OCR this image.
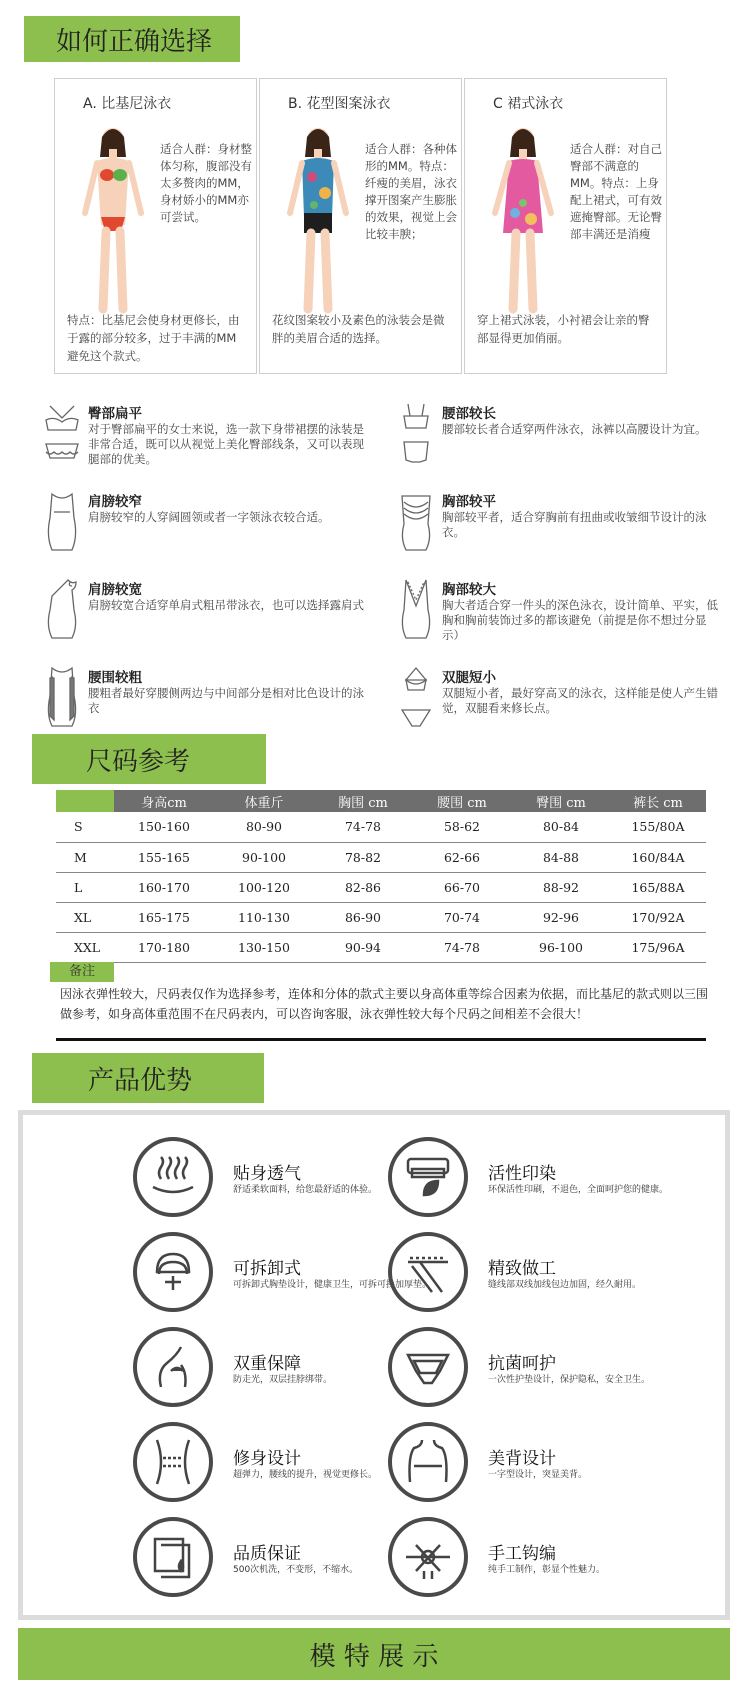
如何正确选择
A. 比基尼泳衣
适合人群：身材整体匀称，腹部没有太多赘肉的MM，身材娇小的MM亦可尝试。
特点：比基尼会使身材更修长，由于露的部分较多，过于丰满的MM避免这个款式。
B. 花型图案泳衣
适合人群：各种体形的MM。特点：纤瘦的美眉，泳衣撑开图案产生膨胀的效果，视觉上会比较丰腴；
花纹图案较小及素色的泳装会是微胖的美眉合适的选择。
C 裙式泳衣
适合人群：对自己臀部不满意的MM。特点：上身配上裙式，可有效遮掩臀部。无论臀部丰满还是消瘦
穿上裙式泳装，小衬裙会让亲的臀部显得更加俏丽。
臀部扁平
对于臀部扁平的女士来说，选一款下身带裙摆的泳装是非常合适，既可以从视觉上美化臀部线条，又可以表现腿部的优美。
腰部较长
腰部较长者合适穿两件泳衣，泳裤以高腰设计为宜。
肩膀较窄
肩膀较窄的人穿阔圆领或者一字领泳衣较合适。
胸部较平
胸部较平者，适合穿胸前有扭曲或收皱细节设计的泳衣。
肩膀较宽
肩膀较宽合适穿单肩式粗吊带泳衣，也可以选择露肩式
胸部较大
胸大者适合穿一件头的深色泳衣，设计简单、平实，低胸和胸前装饰过多的都该避免（前提是你不想过分显示）
腰围较粗
腰粗者最好穿腰侧两边与中间部分是相对比色设计的泳衣
双腿短小
双腿短小者，最好穿高叉的泳衣，这样能是使人产生错觉，双腿看来修长点。
尺码参考
	身高cm	体重斤	胸围 cm	腰围 cm	臀围 cm	裤长 cm
S	150-160	80-90	74-78	58-62	80-84	155/80A
M	155-165	90-100	78-82	62-66	84-88	160/84A
L	160-170	100-120	82-86	66-70	88-92	165/88A
XL	165-175	110-130	86-90	70-74	92-96	170/92A
XXL	170-180	130-150	90-94	74-78	96-100	175/96A
备注
因泳衣弹性较大，尺码表仅作为选择参考，连体和分体的款式主要以身高体重等综合因素为依据，而比基尼的款式则以三围做参考，如身高体重范围不在尺码表内，可以咨询客服，泳衣弹性较大每个尺码之间相差不会很大！
产品优势
贴身透气
舒适柔软面料，给您最舒适的体验。
活性印染
环保活性印刷，不退色，全面呵护您的健康。
可拆卸式
可拆卸式胸垫设计，健康卫生，可拆可换加厚垫。
精致做工
缝线部双线加线包边加固，经久耐用。
双重保障
防走光，双层挂脖绑带。
抗菌呵护
一次性护垫设计，保护隐私，安全卫生。
修身设计
超弹力，腰线的提升，视觉更修长。
美背设计
一字型设计，突显美背。
品质保证
500次机洗，不变形，不缩水。
手工钩编
纯手工制作，彰显个性魅力。
模 特 展 示
